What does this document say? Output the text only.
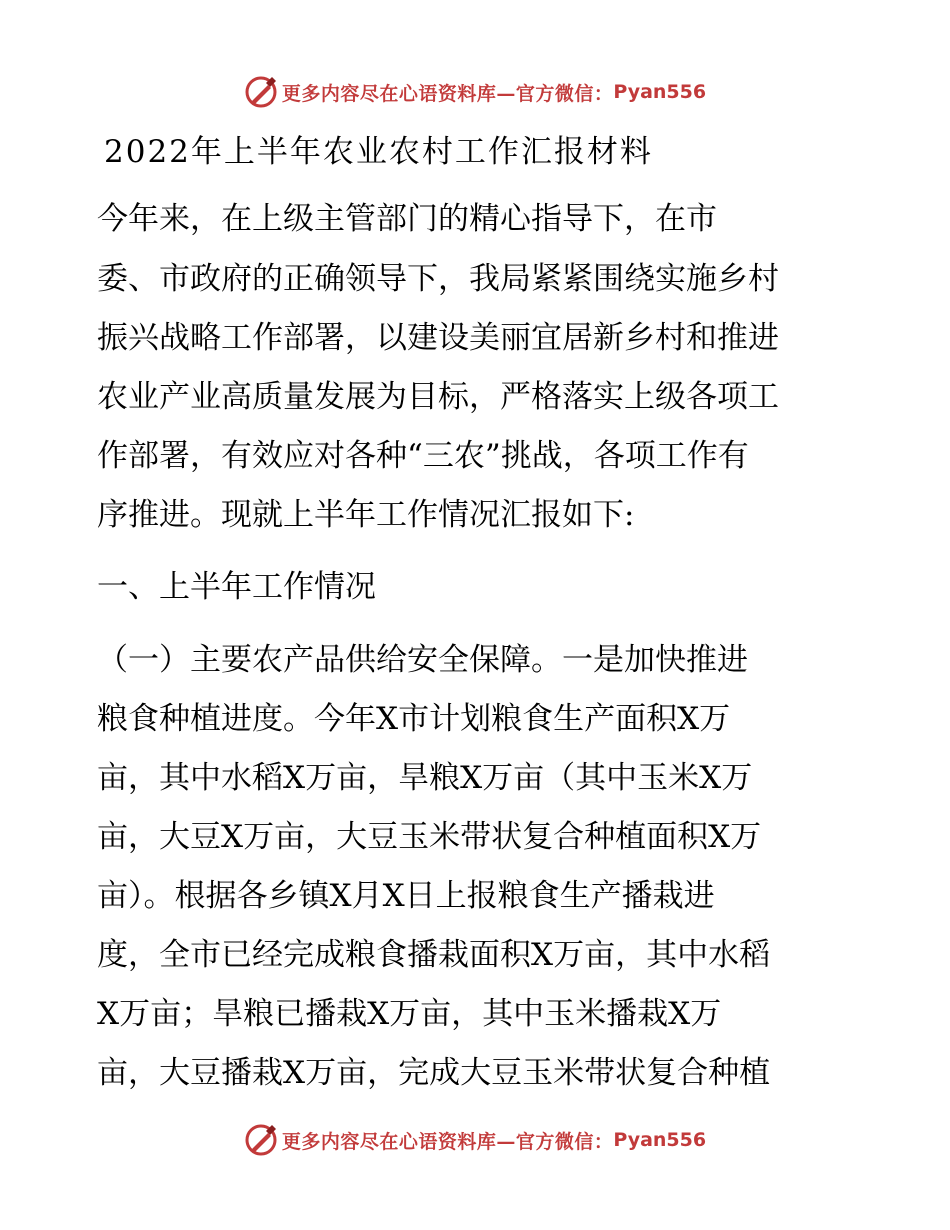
更多内容尽在心语资料库—官方微信： Pyan556
2022年上半年农业农村工作汇报材料

今年来，在上级主管部门的精心指导下，在市

委、市政府的正确领导下，我局紧紧围绕实施乡村

振兴战略工作部署，以建设美丽宜居新乡村和推进

农业产业高质量发展为目标，严格落实上级各项工

作部署，有效应对各种“三农”挑战，各项工作有

序推进。现就上半年工作情况汇报如下:

一、上半年工作情况

（一）主要农产品供给安全保障。一是加快推进

粮食种植进度。今年X市计划粮食生产面积X万

亩，其中水稻X万亩，旱粮X万亩（其中玉米X万

亩，大豆X万亩，大豆玉米带状复合种植面积X万

亩）。根据各乡镇X月X日上报粮食生产播栽进

度，全市已经完成粮食播栽面积X万亩，其中水稻

X万亩；旱粮已播栽X万亩，其中玉米播栽X万

亩，大豆播栽X万亩，完成大豆玉米带状复合种植

更多内容尽在心语资料库—官方微信： Pyan556
